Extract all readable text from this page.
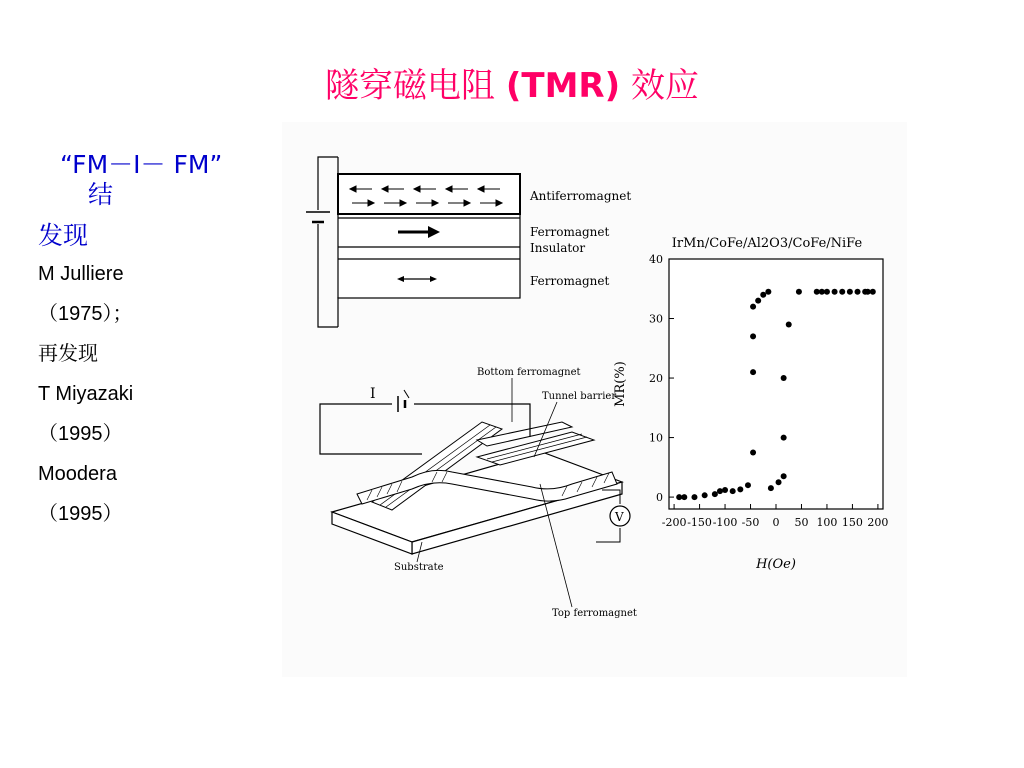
隧穿磁电阻 (TMR) 效应
“FM－I－ FM”
结
发现
M Julliere
（1975）；
再发现
T Miyazaki
（1995）
Moodera
（1995）
Antiferromagnet
Ferromagnet
Insulator
Ferromagnet
I
V
Bottom ferromagnet
Tunnel barrier
Substrate
Top ferromagnet
IrMn/CoFe/Al2O3/CoFe/NiFe
-200 -150 -100 -50 0 50 100 150 200
0
10
20
30
40
MR(%)
H(Oe)
